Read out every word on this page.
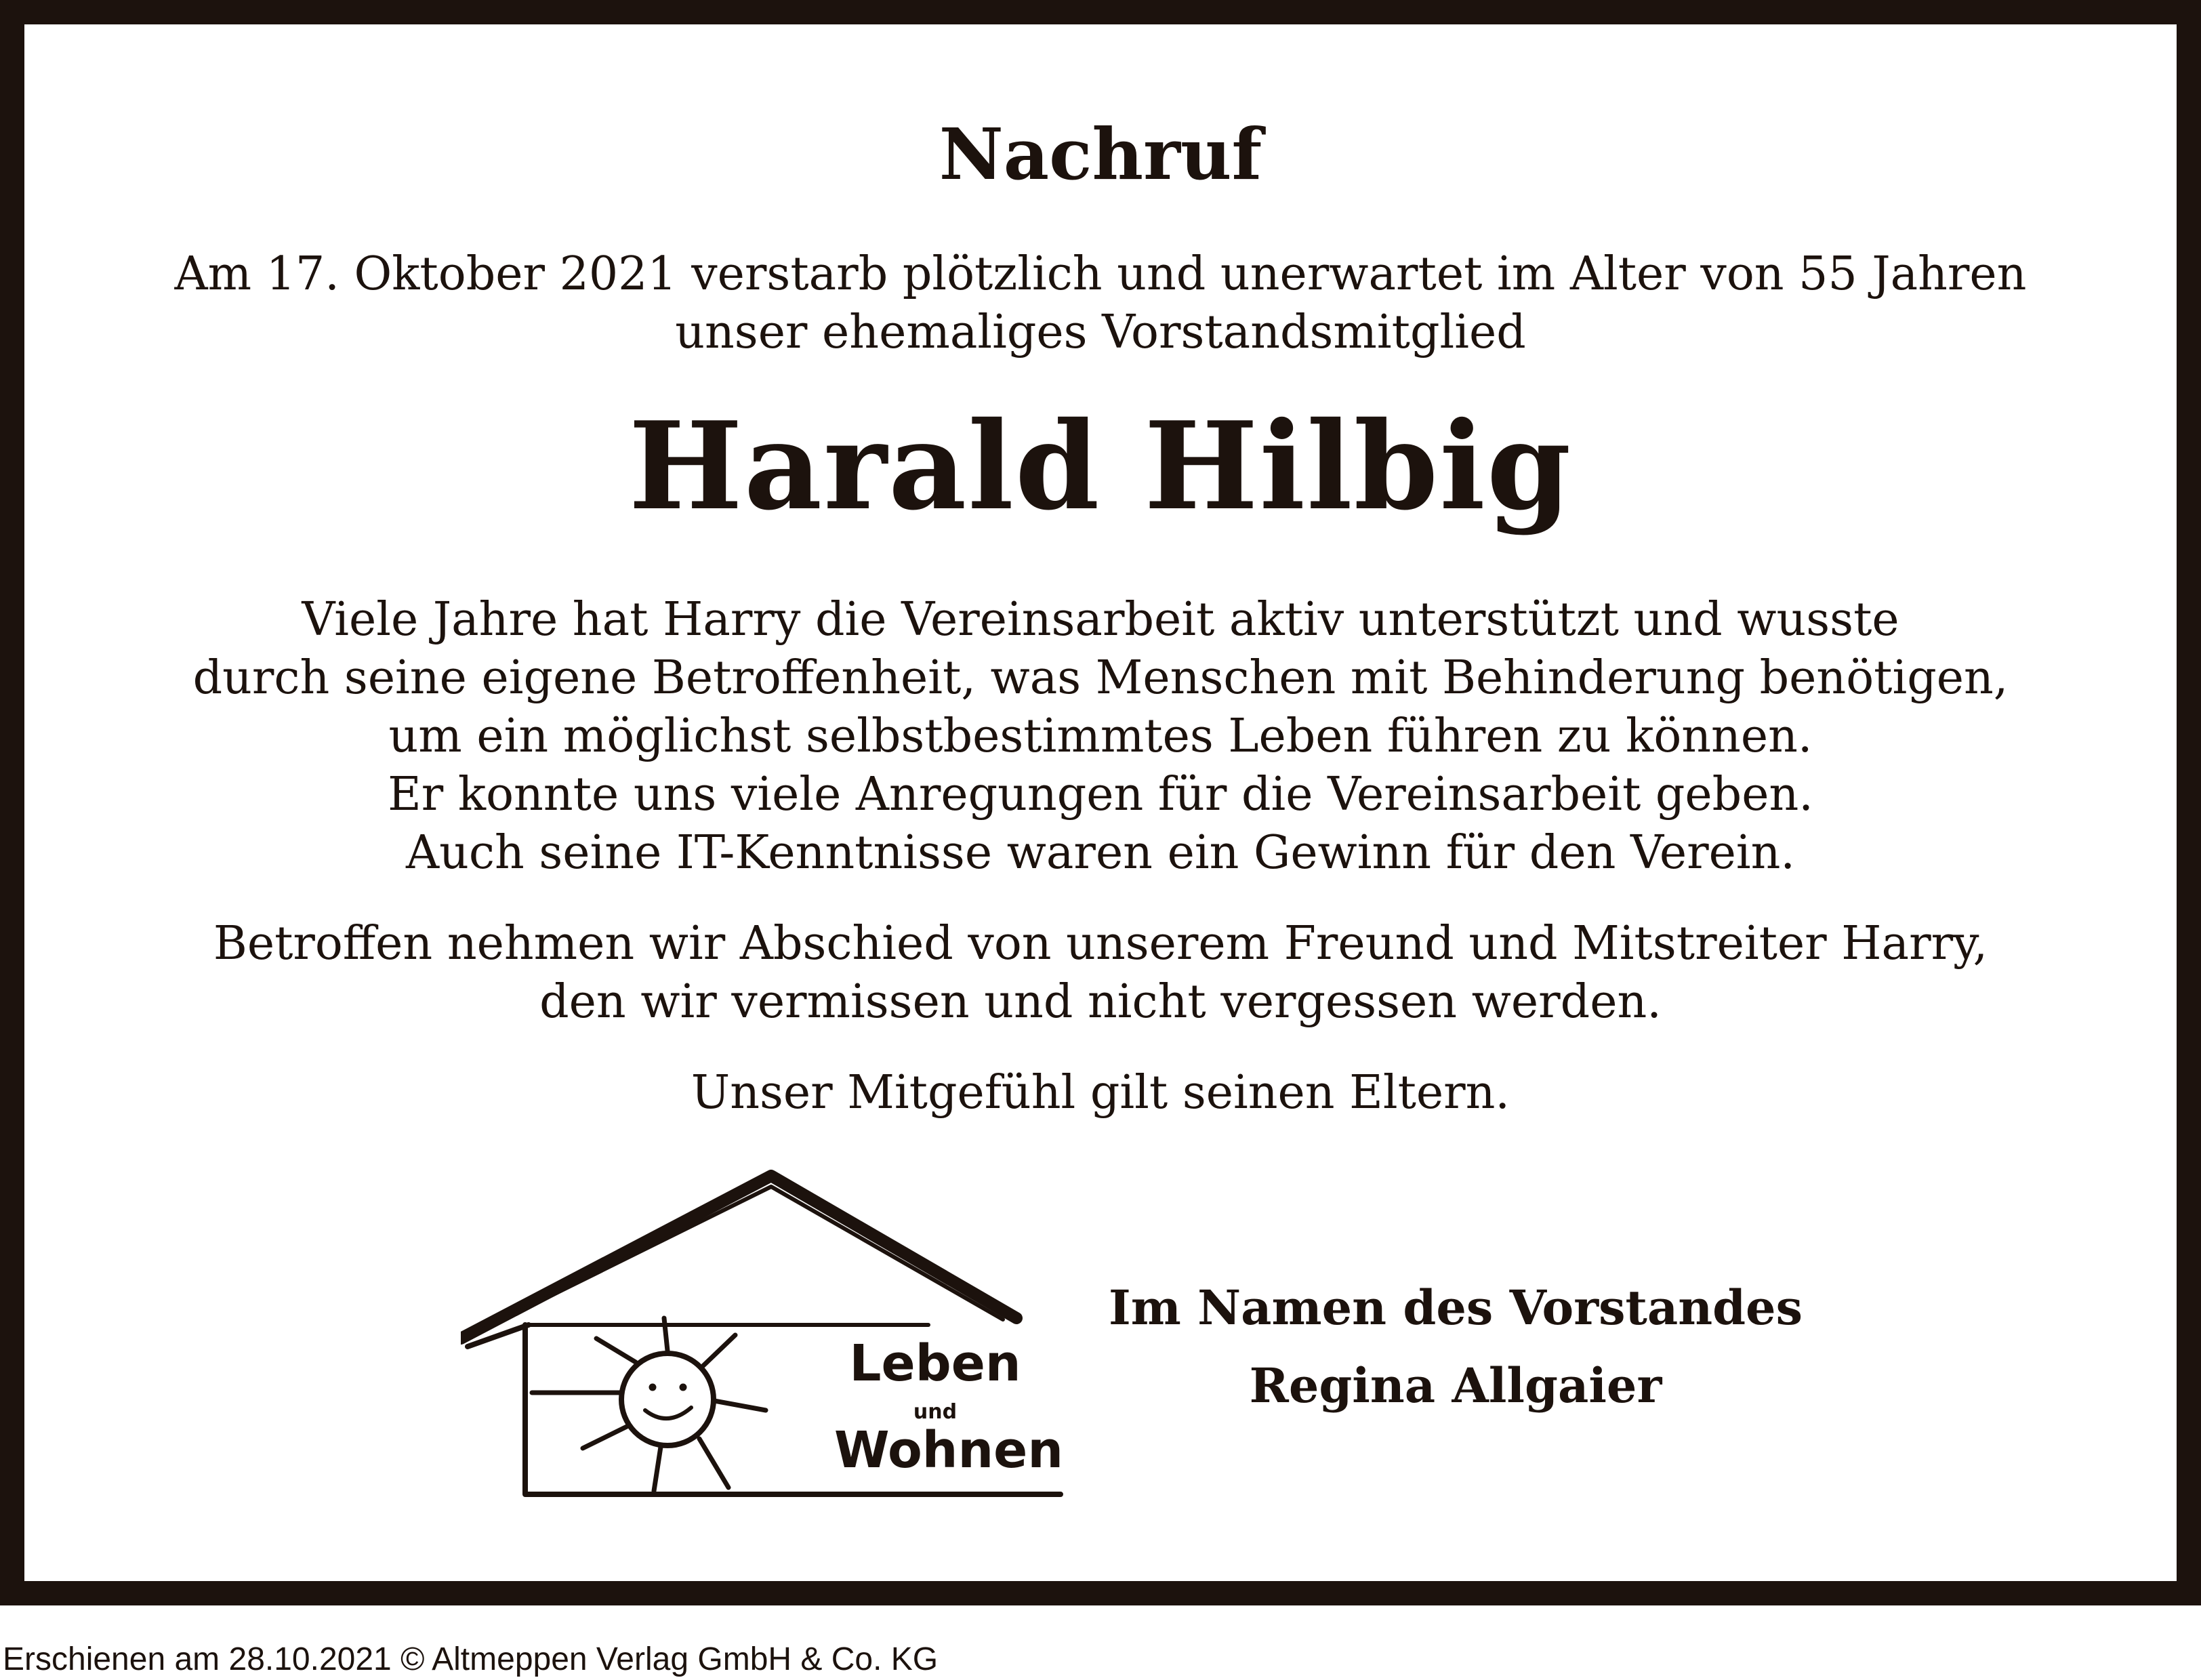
Nachruf
Am 17. Oktober 2021 verstarb plötzlich und unerwartet im Alter von 55 Jahren
unser ehemaliges Vorstandsmitglied
Harald Hilbig
Viele Jahre hat Harry die Vereinsarbeit aktiv unterstützt und wusste
durch seine eigene Betroffenheit, was Menschen mit Behinderung benötigen,
um ein möglichst selbstbestimmtes Leben führen zu können.
Er konnte uns viele Anregungen für die Vereinsarbeit geben.
Auch seine IT-Kenntnisse waren ein Gewinn für den Verein.
Betroffen nehmen wir Abschied von unserem Freund und Mitstreiter Harry,
den wir vermissen und nicht vergessen werden.
Unser Mitgefühl gilt seinen Eltern.
Leben
und
Wohnen
Im Namen des Vorstandes
Regina Allgaier
Erschienen am 28.10.2021 © Altmeppen Verlag GmbH & Co. KG
